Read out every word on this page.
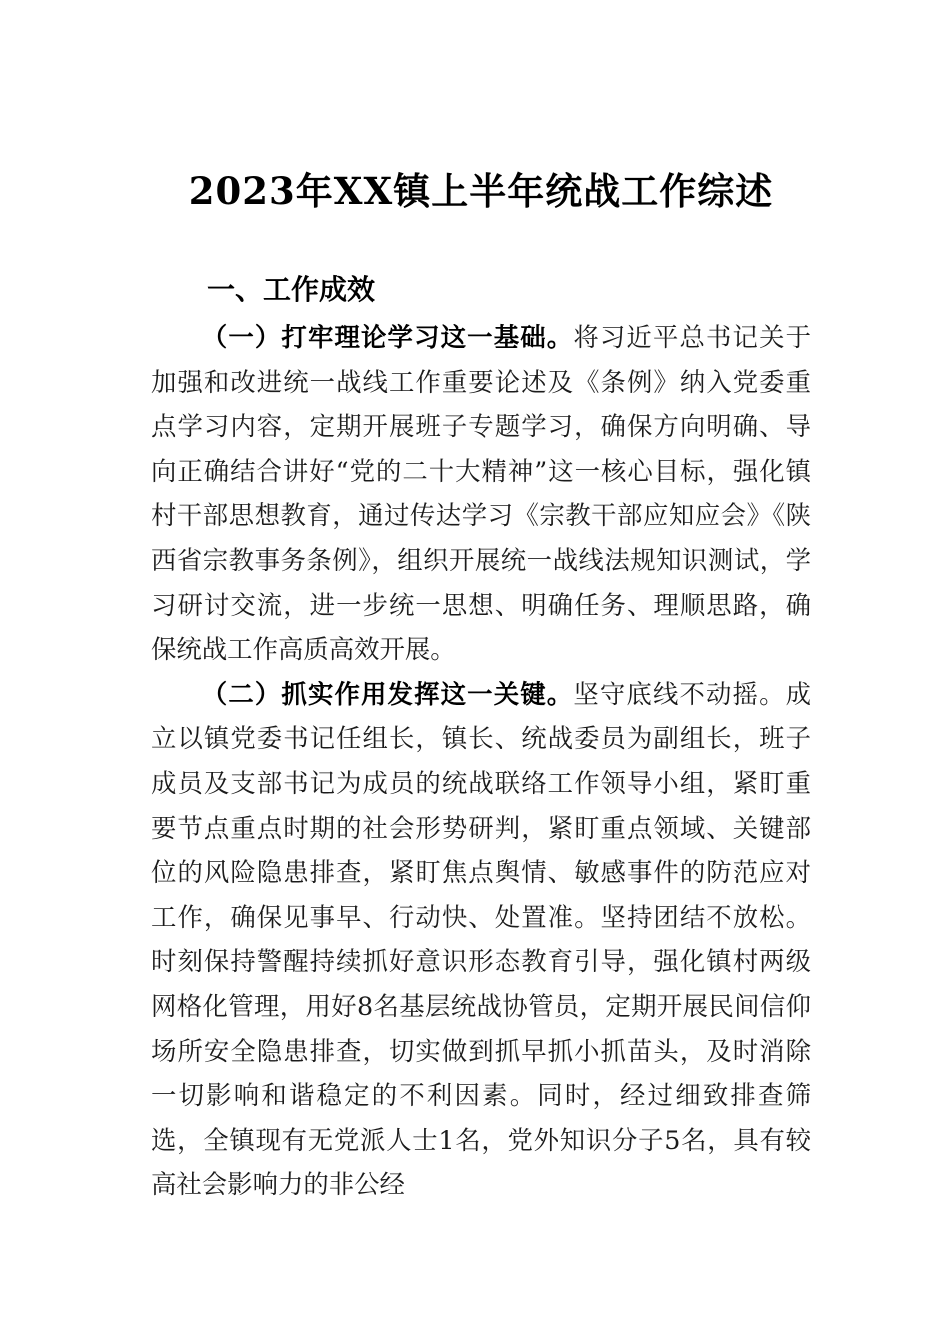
2023年XX镇上半年统战工作综述
一、工作成效

（一）打牢理论学习这一基础。将习近平总书记关于加强和改进统一战线工作重要论述及《条例》纳入党委重点学习内容，定期开展班子专题学习，确保方向明确、导向正确结合讲好“党的二十大精神”这一核心目标，强化镇村干部思想教育，通过传达学习《宗教干部应知应会》《陕西省宗教事务条例》，组织开展统一战线法规知识测试，学习研讨交流，进一步统一思想、明确任务、理顺思路，确保统战工作高质高效开展。

（二）抓实作用发挥这一关键。坚守底线不动摇。成立以镇党委书记任组长，镇长、统战委员为副组长，班子成员及支部书记为成员的统战联络工作领导小组，紧盯重要节点重点时期的社会形势研判，紧盯重点领域、关键部位的风险隐患排查，紧盯焦点舆情、敏感事件的防范应对工作，确保见事早、行动快、处置准。坚持团结不放松。时刻保持警醒持续抓好意识形态教育引导，强化镇村两级网格化管理，用好8名基层统战协管员，定期开展民间信仰场所安全隐患排查，切实做到抓早抓小抓苗头，及时消除一切影响和谐稳定的不利因素。同时，经过细致排查筛选，全镇现有无党派人士1名，党外知识分子5名，具有较高社会影响力的非公经
